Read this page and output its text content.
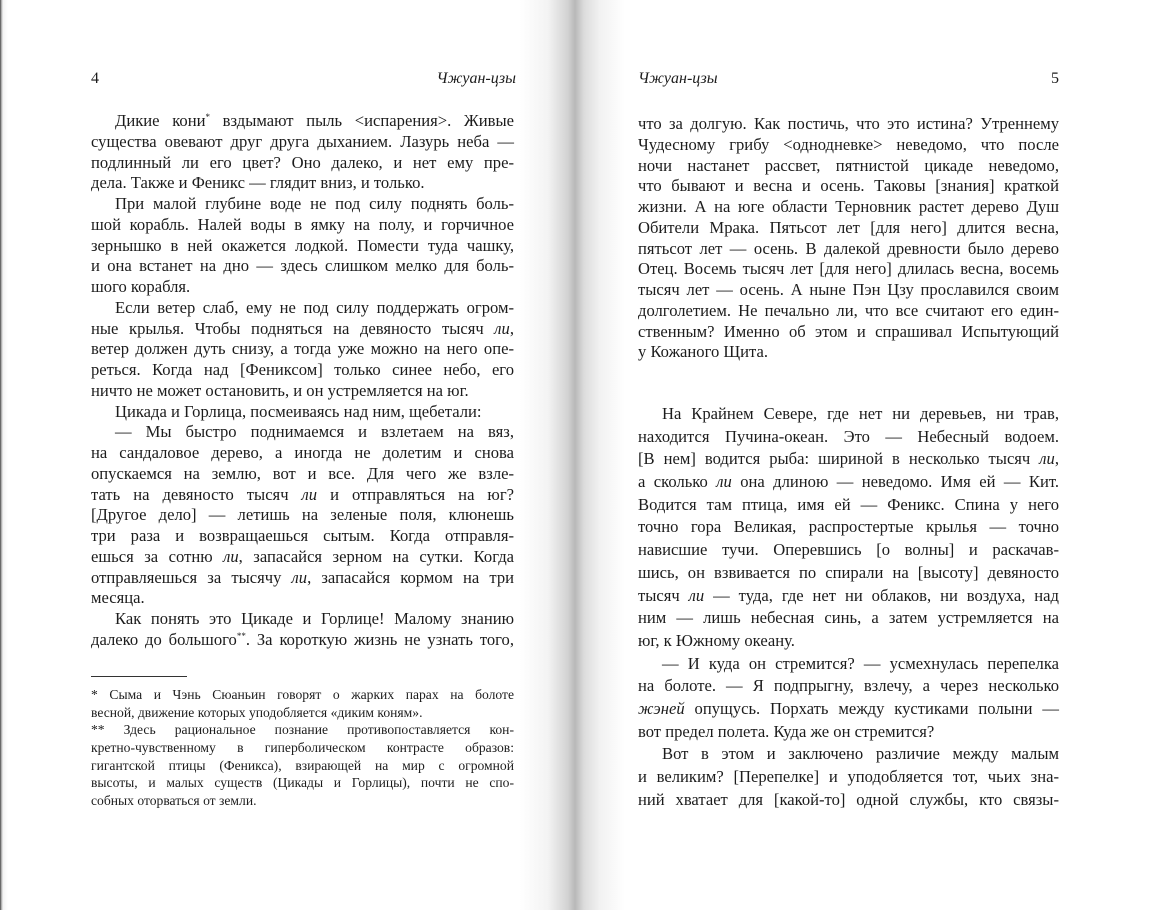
4	Чжуан-цзы
Дикие кони* вздымают пыль <испарения>. Живые
существа овевают друг друга дыханием. Лазурь неба —
подлинный ли его цвет? Оно далеко, и нет ему пре-
дела. Также и Феникс — глядит вниз, и только.
При малой глубине воде не под силу поднять боль-
шой корабль. Налей воды в ямку на полу, и горчичное
зернышко в ней окажется лодкой. Помести туда чашку,
и она встанет на дно — здесь слишком мелко для боль-
шого корабля.
Если ветер слаб, ему не под силу поддержать огром-
ные крылья. Чтобы подняться на девяносто тысяч ли,
ветер должен дуть снизу, а тогда уже можно на него опе-
реться. Когда над [Фениксом] только синее небо, его
ничто не может остановить, и он устремляется на юг.
Цикада и Горлица, посмеиваясь над ним, щебетали:
— Мы быстро поднимаемся и взлетаем на вяз,
на сандаловое дерево, а иногда не долетим и снова
опускаемся на землю, вот и все. Для чего же взле-
тать на девяносто тысяч ли и отправляться на юг?
[Другое дело] — летишь на зеленые поля, клюнешь
три раза и возвращаешься сытым. Когда отправля-
ешься за сотню ли, запасайся зерном на сутки. Когда
отправляешься за тысячу ли, запасайся кормом на три
месяца.
Как понять это Цикаде и Горлице! Малому знанию
далеко до большого**. За короткую жизнь не узнать того,
* Сыма и Чэнь Сюаньин говорят о жарких парах на болоте
весной, движение которых уподобляется «диким коням».
** Здесь рациональное познание противопоставляется кон-
кретно-чувственному в гиперболическом контрасте образов:
гигантской птицы (Феникса), взирающей на мир с огромной
высоты, и малых существ (Цикады и Горлицы), почти не спо-
собных оторваться от земли.
Чжуан-цзы	5
что за долгую. Как постичь, что это истина? Утреннему
Чудесному грибу <однодневке> неведомо, что после
ночи настанет рассвет, пятнистой цикаде неведомо,
что бывают и весна и осень. Таковы [знания] краткой
жизни. А на юге области Терновник растет дерево Душ
Обители Мрака. Пятьсот лет [для него] длится весна,
пятьсот лет — осень. В далекой древности было дерево
Отец. Восемь тысяч лет [для него] длилась весна, восемь
тысяч лет — осень. А ныне Пэн Цзу прославился своим
долголетием. Не печально ли, что все считают его един-
ственным? Именно об этом и спрашивал Испытующий
у Кожаного Щита.
На Крайнем Севере, где нет ни деревьев, ни трав,
находится Пучина-океан. Это — Небесный водоем.
[В нем] водится рыба: шириной в несколько тысяч ли,
а сколько ли она длиною — неведомо. Имя ей — Кит.
Водится там птица, имя ей — Феникс. Спина у него
точно гора Великая, распростертые крылья — точно
нависшие тучи. Оперевшись [о волны] и раскачав-
шись, он взвивается по спирали на [высоту] девяносто
тысяч ли — туда, где нет ни облаков, ни воздуха, над
ним — лишь небесная синь, а затем устремляется на
юг, к Южному океану.
— И куда он стремится? — усмехнулась перепелка
на болоте. — Я подпрыгну, взлечу, а через несколько
жэней опущусь. Порхать между кустиками полыни —
вот предел полета. Куда же он стремится?
Вот в этом и заключено различие между малым
и великим? [Перепелке] и уподобляется тот, чьих зна-
ний хватает для [какой-то] одной службы, кто связы-
